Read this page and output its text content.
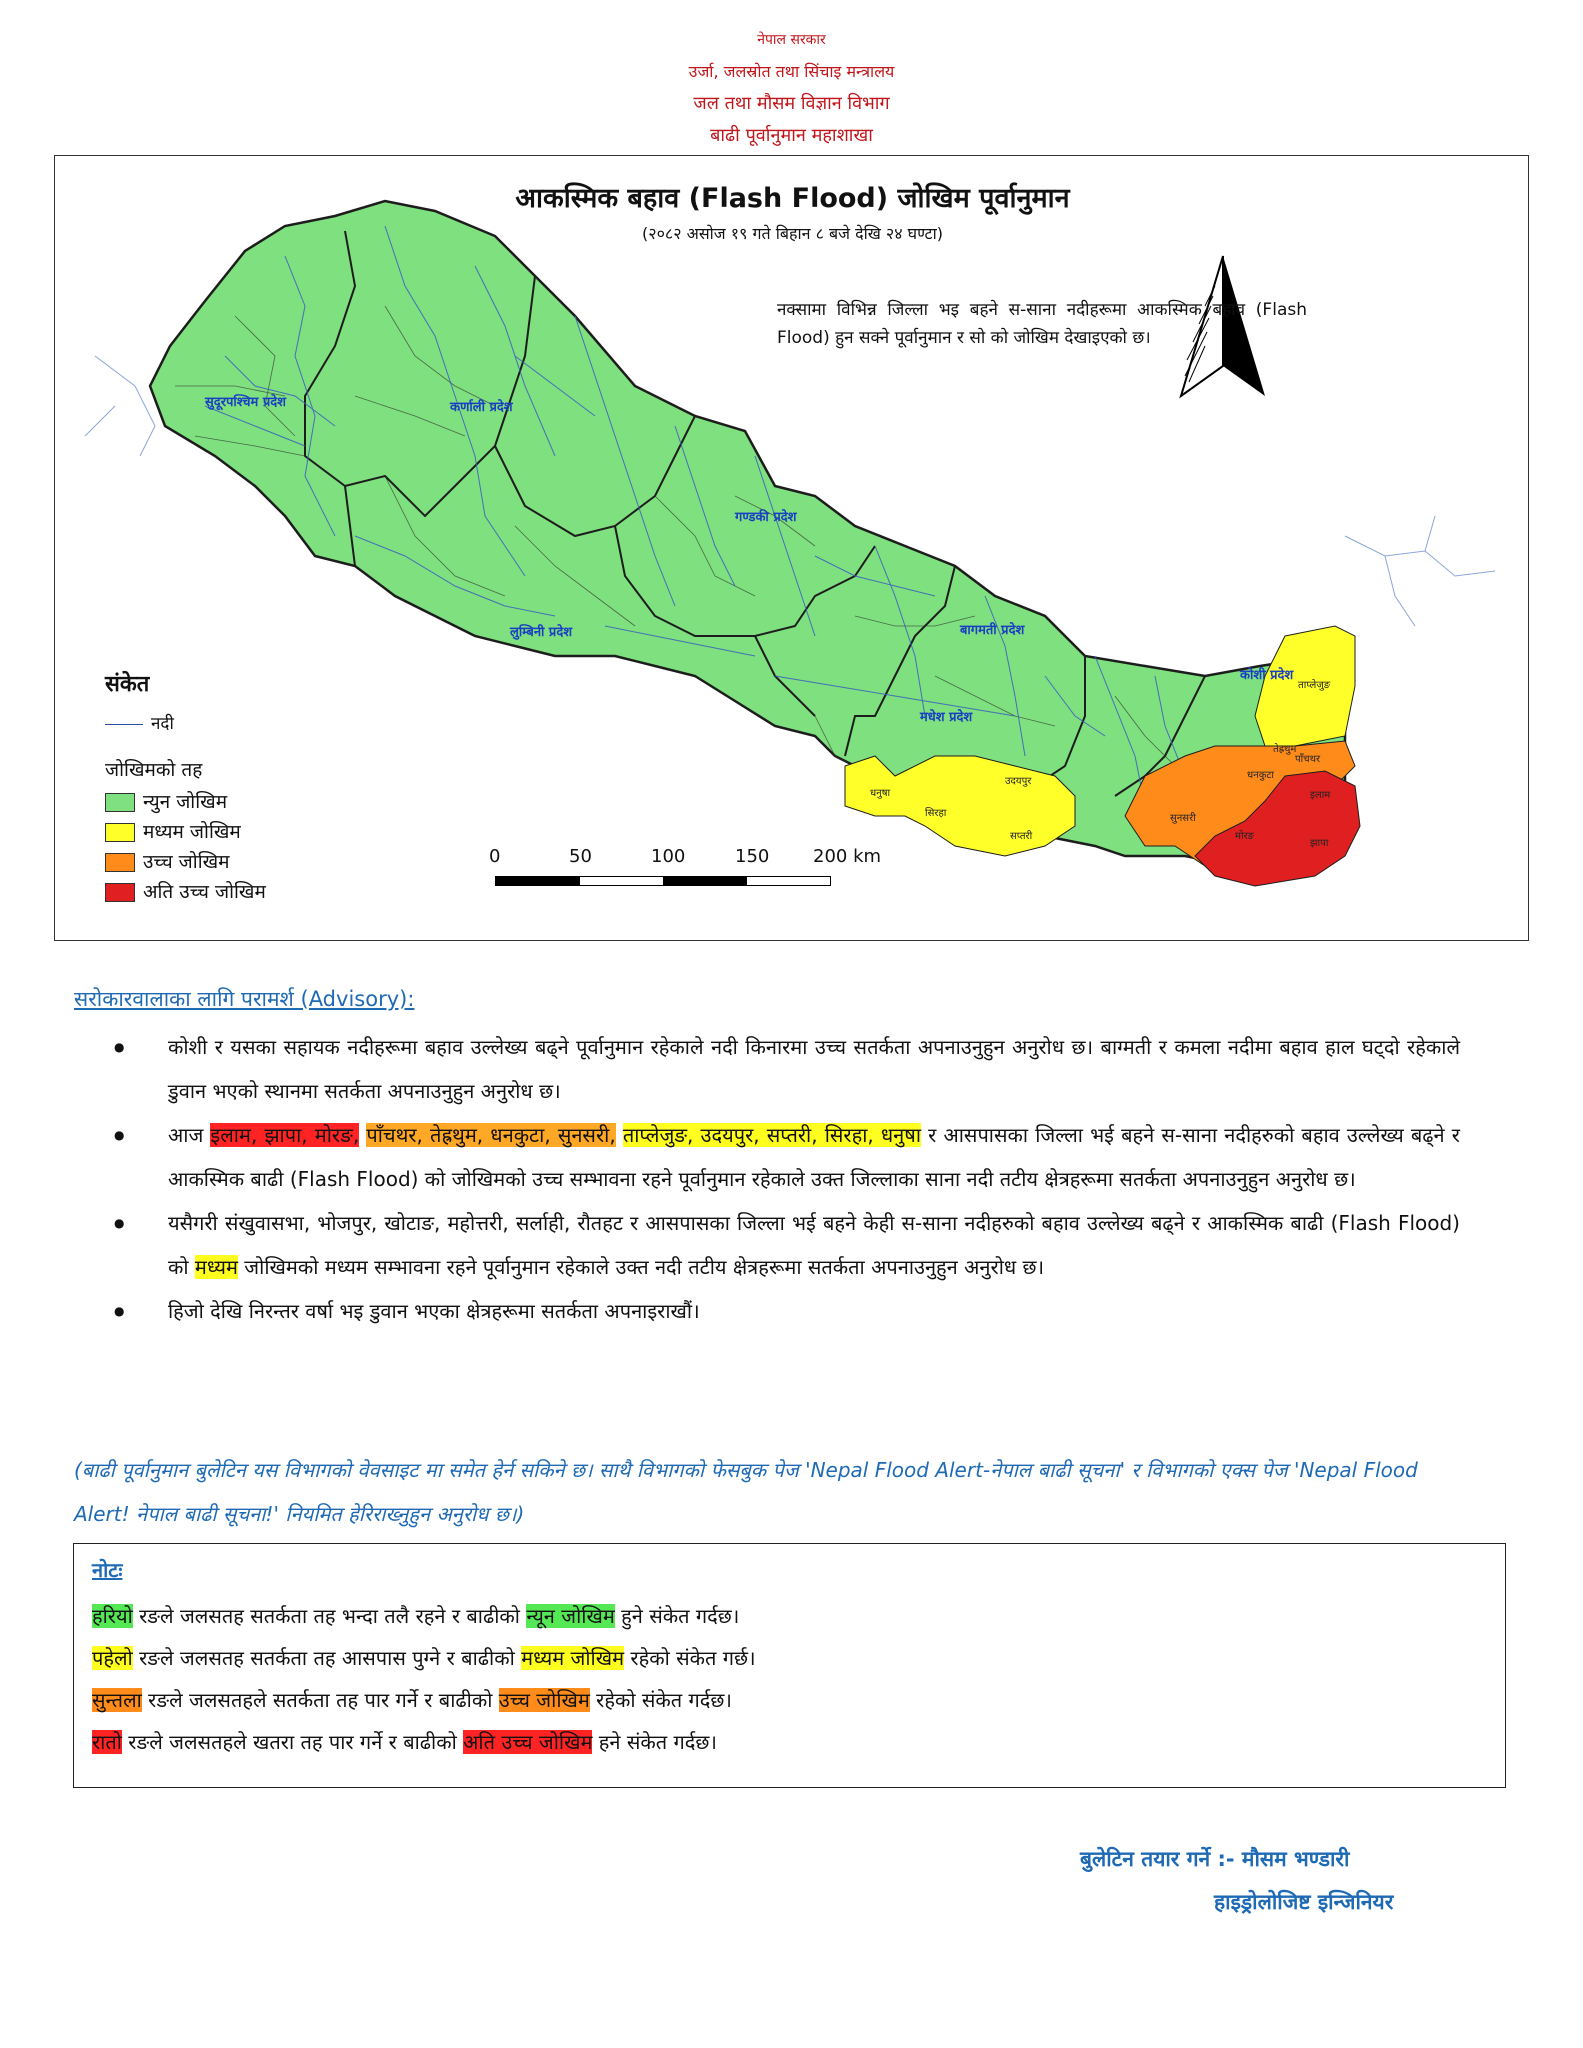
नेपाल सरकार
उर्जा, जलस्रोत तथा सिंचाइ मन्त्रालय
जल तथा मौसम विज्ञान विभाग
बाढी पूर्वानुमान महाशाखा
आकस्मिक बहाव (Flash Flood) जोखिम पूर्वानुमान
(२०८२ असोज १९ गते बिहान ८ बजे देखि २४ घण्टा)
सुदूरपश्चिम प्रदेश	कर्णाली प्रदेश
गण्डकी प्रदेश
लुम्बिनी प्रदेश	बागमती प्रदेश
मधेश प्रदेश
कोशी प्रदेश
ताप्लेजुङ
तेह्रथुम
धनकुटा
पाँचथर
सुनसरी
इलाम
झापा
मोरङ
उदयपुर
सप्तरी
सिरहा
धनुषा
नक्सामा विभिन्न जिल्ला भइ बहने स-साना नदीहरूमा आकस्मिक बहाव (Flash Flood) हुन सक्ने पूर्वानुमान र सो को जोखिम देखाइएको छ।
संकेत
नदी
जोखिमको तह
न्युन जोखिम
मध्यम जोखिम
उच्च जोखिम
अति उच्च जोखिम
0	50	100	150 200 km
सरोकारवालाका लागि परामर्श (Advisory):
● कोशी र यसका सहायक नदीहरूमा बहाव उल्लेख्य बढ्ने पूर्वानुमान रहेकाले नदी किनारमा उच्च सतर्कता अपनाउनुहुन अनुरोध छ। बाग्मती र कमला नदीमा बहाव हाल घट्दो रहेकाले डुवान भएको स्थानमा सतर्कता अपनाउनुहुन अनुरोध छ।
● आज इलाम, झापा, मोरङ, पाँचथर, तेह्रथुम, धनकुटा, सुनसरी, ताप्लेजुङ, उदयपुर, सप्तरी, सिरहा, धनुषा र आसपासका जिल्ला भई बहने स-साना नदीहरुको बहाव उल्लेख्य बढ्ने र आकस्मिक बाढी (Flash Flood) को जोखिमको उच्च सम्भावना रहने पूर्वानुमान रहेकाले उक्त जिल्लाका साना नदी तटीय क्षेत्रहरूमा सतर्कता अपनाउनुहुन अनुरोध छ।
● यसैगरी संखुवासभा, भोजपुर, खोटाङ, महोत्तरी, सर्लाही, रौतहट र आसपासका जिल्ला भई बहने केही स-साना नदीहरुको बहाव उल्लेख्य बढ्ने र आकस्मिक बाढी (Flash Flood) को मध्यम जोखिमको मध्यम सम्भावना रहने पूर्वानुमान रहेकाले उक्त नदी तटीय क्षेत्रहरूमा सतर्कता अपनाउनुहुन अनुरोध छ।
● हिजो देखि निरन्तर वर्षा भइ डुवान भएका क्षेत्रहरूमा सतर्कता अपनाइराखौं।
(बाढी पूर्वानुमान बुलेटिन यस विभागको वेवसाइट मा समेत हेर्न सकिने छ। साथै विभागको फेसबुक पेज 'Nepal Flood Alert-नेपाल बाढी सूचना' र विभागको एक्स पेज 'Nepal Flood Alert! नेपाल बाढी सूचना!' नियमित हेरिराख्नुहुन अनुरोध छ।)
नोटः
हरियो रङले जलसतह सतर्कता तह भन्दा तलै रहने र बाढीको न्यून जोखिम हुने संकेत गर्दछ।
पहेलो रङले जलसतह सतर्कता तह आसपास पुग्ने र बाढीको मध्यम जोखिम रहेको संकेत गर्छ।
सुन्तला रङले जलसतहले सतर्कता तह पार गर्ने र बाढीको उच्च जोखिम रहेको संकेत गर्दछ।
रातो रङले जलसतहले खतरा तह पार गर्ने र बाढीको अति उच्च जोखिम हने संकेत गर्दछ।
बुलेटिन तयार गर्ने :- मौसम भण्डारी
हाइड्रोलोजिष्ट इन्जिनियर
